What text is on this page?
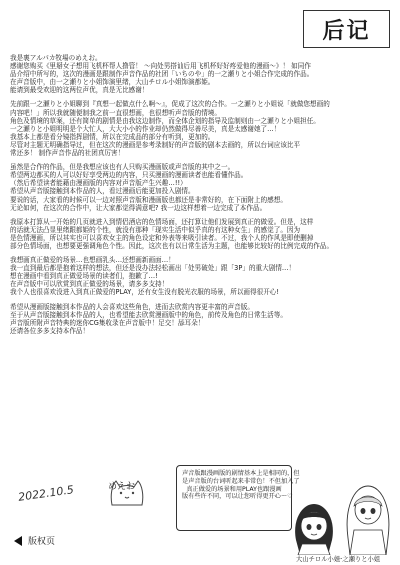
后记
我是裏アルパカ牧場のめえお。
感谢您购买《里掰女子想用飞机杯帮人撸管！ ～向处男搭讪后用飞机杯好好疼爱他的漫画～》！ 如同作
品介绍中所写的，这次的漫画是跟制作声音作品的社团「いちのや」的一之瀬りと小姐合作完成的作品。
在声音版中，由一之瀬りと小姐饰演里绪，大山チロル小姐饰演都姫。
能请到最受欢迎的这两位声优，真是无比感谢！
先前跟一之瀬りと小姐聊到『真想一起做点什么啊～』，促成了这次的合作。一之瀬りと小姐说「就做您想画的
内容吧！」所以我就随便制我之前一直很想画，也很想听声音版的情境。
角色及情境的草案，还有简单的剧情是由我这边制作，而全体企划的指导及监制则由一之瀬りと小姐担任。
一之瀬りと小姐明明是个大忙人，大大小小的作业却仍然做得尽善尽美，真是太感谢她了…！
我基本上都是看分镜指挥剧情，所以在完成品的部分有听到，更加的。
尽管对主题无明确指导过，但在这次的漫画是参考录制好的声音版的剧本去画的，所以台词应该比平
常还多！ 制作声音作品的社团真厉害！
虽然是合作的作品，但是我想应该也有人只购买漫画版或声音版的其中之一。
希望两边都买的人可以好好享受两边的内容，只买漫画的漫画读者也能看懂作品。
（然后希望读者能藉由漫画版的内容对声音版产生兴趣…!!）
希望从声音版接触到本作品的人，看过漫画后能更加投入剧情。
要说的话，大家看的时候可以一边对照声音版和漫画版也都还是非常好的，在下面附上的感想。
无论如何，在这次的合作中，让大家都觉得满意吧? 我一边这样想着一边完成了本作品。
我原本打算从一开始的几页就进入到情侣酒店的色情场面，还打算让他们发展到真正的做爱。但是，这样
的话就无法凸显里绪跟都姫的个性，就没有那种「现实生活中似乎真的有这种女生」的感觉了。因为
是色情漫画，所以其实也可以喜欢女主的角色设定和外表等来吸引读者。不过，我个人的作风是即使删掉
部分色情场面，也想要更强调角色个性。因此，这次也有以日常生活为主题，也能够比较好的比例完成的作品。
我想画真正做爱的场景…也想画乳头…还想画新画面…！
我一直到最后都是抱着这样的想法，但还是没办法轻松画出「处男破处」跟「3P」的重大剧情…！
想在漫画中看到真正做爱场景的读者们，抱歉了…!
在声音版中可以欣赏到真正做爱的场景，请多多支持！
我个人也很喜欢没进入到真正做爱的PLAY，还有女生没有脱光衣服的场景，所以画得很开心!
希望从漫画版接触到本作品的人会喜欢这些角色，进而去欣赏内容更丰富的声音版。
至于从声音版接触到本作品的人，也希望能去欣赏漫画版中的角色，前传及角色的日常生活等。
声音版所附声音特典的迷你CG集收录在声音版中！足交！舔耳朵！
还请各位多多支持本作品！
2022.10.5	めえお
版权页
声音版跟漫画版的剧情基本上是相同的，但
是声音版的台词听起来非常色！不但加入了
真正做爱的场景和用PLAY也跟漫画
版有些许不同，可以让您听得更开心～♡
大山チロル小姐
一之瀬りと小姐
